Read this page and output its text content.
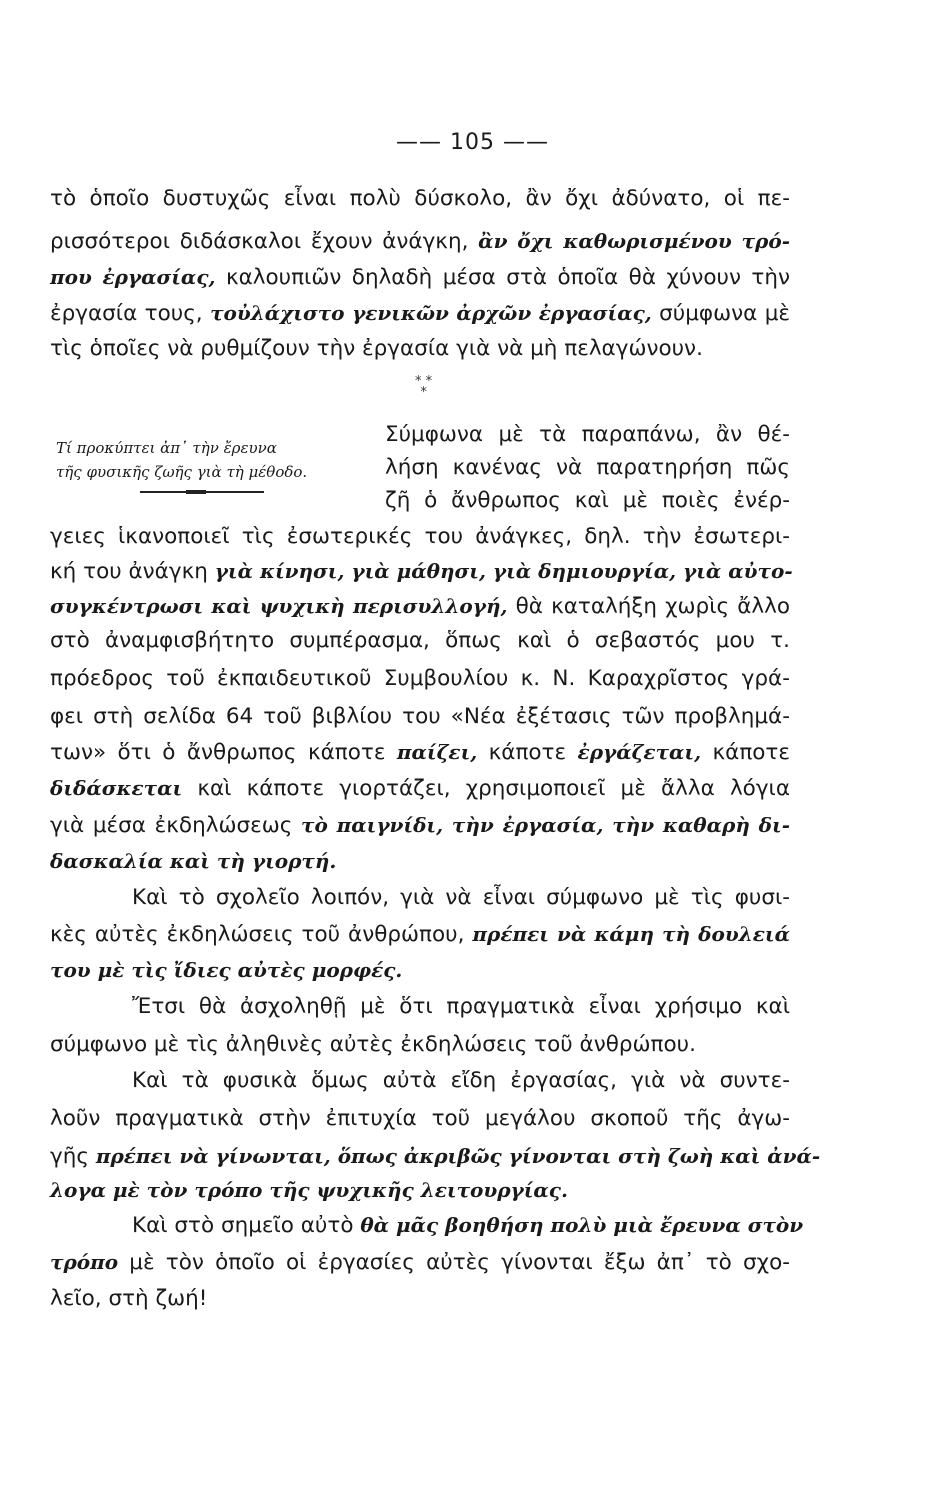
—— 105 ——
τὸ ὁποῖο δυστυχῶς εἶναι πολὺ δύσκολο, ἂν ὄχι ἀδύνατο, οἱ πε-
ρισσότεροι διδάσκαλοι ἔχουν ἀνάγκη, ἂν ὄχι καθωρισμένου τρό-
που ἐργασίας, καλουπιῶν δηλαδὴ μέσα στὰ ὁποῖα θὰ χύνουν τὴν
ἐργασία τους, τοὐλάχιστο γενικῶν ἀρχῶν ἐργασίας, σύμφωνα μὲ
τὶς ὁποῖες νὰ ρυθμίζουν τὴν ἐργασία γιὰ νὰ μὴ πελαγώνουν.
* *
*
Τί προκύπτει ἀπ᾽ τὴν ἔρευνα
τῆς φυσικῆς ζωῆς γιὰ τὴ μέθοδο.
Σύμφωνα μὲ τὰ παραπάνω, ἂν θέ-
λήση κανένας νὰ παρατηρήση πῶς
ζῆ ὁ ἄνθρωπος καὶ μὲ ποιὲς ἐνέρ-
γειες ἱκανοποιεῖ τὶς ἐσωτερικές του ἀνάγκες, δηλ. τὴν ἐσωτερι-
κή του ἀνάγκη γιὰ κίνησι, γιὰ μάθησι, γιὰ δημιουργία, γιὰ αὐτο-
συγκέντρωσι καὶ ψυχικὴ περισυλλογή, θὰ καταλήξη χωρὶς ἄλλο
στὸ ἀναμφισβήτητο συμπέρασμα, ὅπως καὶ ὁ σεβαστός μου τ.
πρόεδρος τοῦ ἐκπαιδευτικοῦ Συμβουλίου κ. Ν. Καραχρῖστος γρά-
φει στὴ σελίδα 64 τοῦ βιβλίου του «Νέα ἐξέτασις τῶν προβλημά-
των» ὅτι ὁ ἄνθρωπος κάποτε παίζει, κάποτε ἐργάζεται, κάποτε
διδάσκεται καὶ κάποτε γιορτάζει, χρησιμοποιεῖ μὲ ἄλλα λόγια
γιὰ μέσα ἐκδηλώσεως τὸ παιγνίδι, τὴν ἐργασία, τὴν καθαρὴ δι-
δασκαλία καὶ τὴ γιορτή.
Καὶ τὸ σχολεῖο λοιπόν, γιὰ νὰ εἶναι σύμφωνο μὲ τὶς φυσι-
κὲς αὐτὲς ἐκδηλώσεις τοῦ ἀνθρώπου, πρέπει νὰ κάμη τὴ δουλειά
του μὲ τὶς ἴδιες αὐτὲς μορφές.
Ἔτσι θὰ ἀσχοληθῇ μὲ ὅτι πραγματικὰ εἶναι χρήσιμο καὶ
σύμφωνο μὲ τὶς ἀληθινὲς αὐτὲς ἐκδηλώσεις τοῦ ἀνθρώπου.
Καὶ τὰ φυσικὰ ὅμως αὐτὰ εἴδη ἐργασίας, γιὰ νὰ συντε-
λοῦν πραγματικὰ στὴν ἐπιτυχία τοῦ μεγάλου σκοποῦ τῆς ἀγω-
γῆς πρέπει νὰ γίνωνται, ὅπως ἀκριβῶς γίνονται στὴ ζωὴ καὶ ἀνά-
λογα μὲ τὸν τρόπο τῆς ψυχικῆς λειτουργίας.
Καὶ στὸ σημεῖο αὐτὸ θὰ μᾶς βοηθήση πολὺ μιὰ ἔρευνα στὸν
τρόπο μὲ τὸν ὁποῖο οἱ ἐργασίες αὐτὲς γίνονται ἔξω ἀπ᾽ τὸ σχο-
λεῖο, στὴ ζωή!
